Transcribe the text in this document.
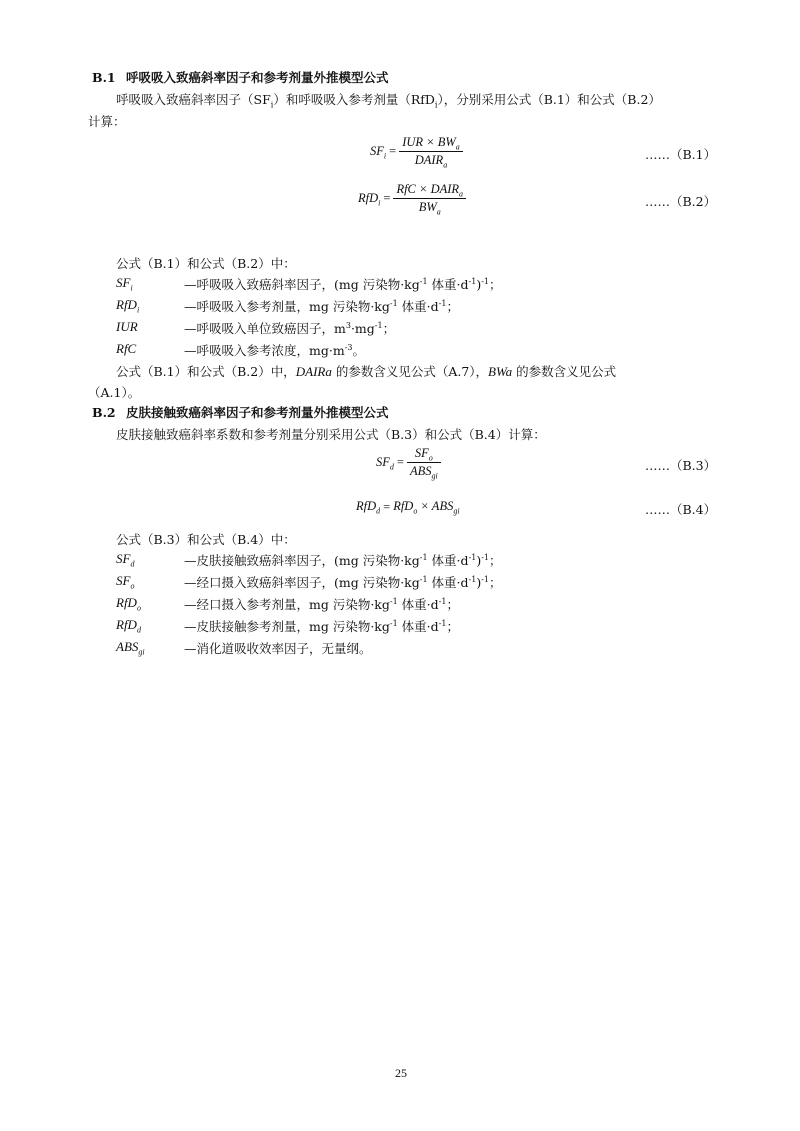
B.1 呼吸吸入致癌斜率因子和参考剂量外推模型公式
呼吸吸入致癌斜率因子$(SF_i)$和呼吸吸入参考剂量（RfD$_i$），分别采用公式（B.1）和公式（B.2）
计算：
$SF_i = \frac{IUR \times BW_a}{DAIR_a}$	……（B.1）
$RfD_i = \frac{RfC \times DAIR_a}{BW_a}$	……（B.2）
公式（B.1）和公式（B.2）中：
$SF_i$	—呼吸吸入致癌斜率因子，(mg 污染物$\cdot kg^{-1}$ 体重$\cdot d^{-1})^{-1}$；
RfD$_i$	—呼吸吸入参考剂量，mg 污染物$\cdot kg^{-1}$ 体重$\cdot d^{-1}$；
IUR	—呼吸吸入单位致癌因子，$m^3\cdot mg^{-1}$；
RfC	—呼吸吸入参考浓度，$mg\cdot m^{-3}$。
公式（B.1）和公式（B.2）中，DAIRa 的参数含义见公式（A.7），BWa 的参数含义见公式
（A.1）。
B.2 皮肤接触致癌斜率因子和参考剂量外推模型公式
皮肤接触致癌斜率系数和参考剂量分别采用公式（B.3）和公式（B.4）计算：
$SF_d = \frac{SF_o}{ABS_{gi}}$	……（B.3）
$RfD_d = RfD_o \times ABS_{gi}$	……（B.4）
公式（B.3）和公式（B.4）中：
$SF_d$	—皮肤接触致癌斜率因子，(mg 污染物$\cdot kg^{-1}$ 体重$\cdot d^{-1})^{-1}$；
$SF_o$	—经口摄入致癌斜率因子，(mg 污染物$\cdot kg^{-1}$ 体重$\cdot d^{-1})^{-1}$；
RfD$_o$	—经口摄入参考剂量，mg 污染物$\cdot kg^{-1}$ 体重$\cdot d^{-1}$；
RfD$_d$	—皮肤接触参考剂量，mg 污染物$\cdot kg^{-1}$ 体重$\cdot d^{-1}$；
$ABS_{gi}$	—消化道吸收效率因子，无量纲。
25
